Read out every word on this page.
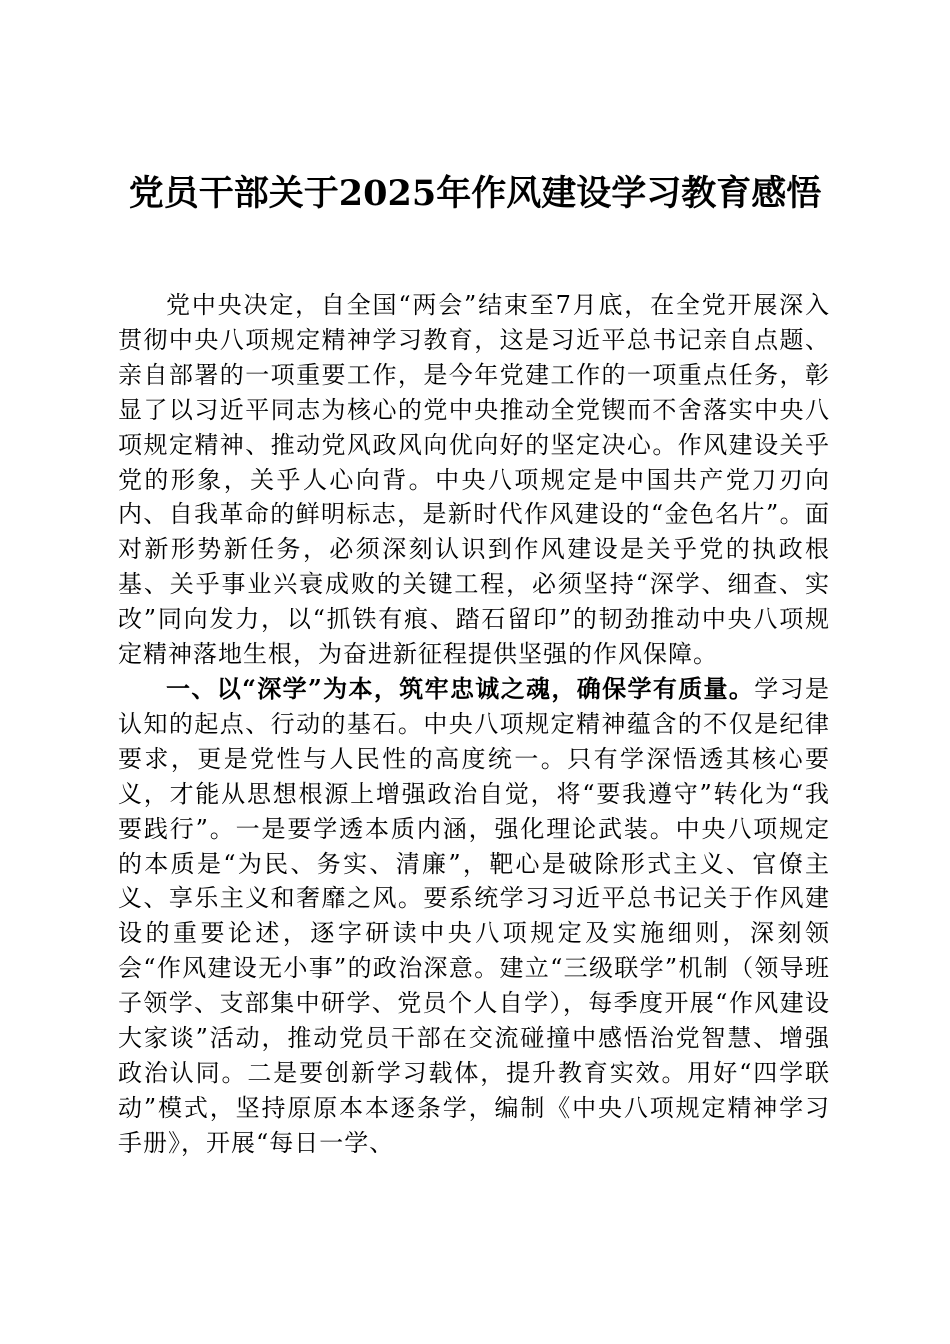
党员干部关于2025年作风建设学习教育感悟

党中央决定，自全国“两会”结束至7月底，在全党开展深入贯彻中央八项规定精神学习教育，这是习近平总书记亲自点题、亲自部署的一项重要工作，是今年党建工作的一项重点任务，彰显了以习近平同志为核心的党中央推动全党锲而不舍落实中央八项规定精神、推动党风政风向优向好的坚定决心。作风建设关乎党的形象，关乎人心向背。中央八项规定是中国共产党刀刃向内、自我革命的鲜明标志，是新时代作风建设的“金色名片”。面对新形势新任务，必须深刻认识到作风建设是关乎党的执政根基、关乎事业兴衰成败的关键工程，必须坚持“深学、细查、实改”同向发力，以“抓铁有痕、踏石留印”的韧劲推动中央八项规定精神落地生根，为奋进新征程提供坚强的作风保障。

一、以“深学”为本，筑牢忠诚之魂，确保学有质量。学习是认知的起点、行动的基石。中央八项规定精神蕴含的不仅是纪律要求，更是党性与人民性的高度统一。只有学深悟透其核心要义，才能从思想根源上增强政治自觉，将“要我遵守”转化为“我要践行”。一是要学透本质内涵，强化理论武装。中央八项规定的本质是“为民、务实、清廉”，靶心是破除形式主义、官僚主义、享乐主义和奢靡之风。要系统学习习近平总书记关于作风建设的重要论述，逐字研读中央八项规定及实施细则，深刻领会“作风建设无小事”的政治深意。建立“三级联学”机制（领导班子领学、支部集中研学、党员个人自学），每季度开展“作风建设大家谈”活动，推动党员干部在交流碰撞中感悟治党智慧、增强政治认同。二是要创新学习载体，提升教育实效。用好“四学联动”模式，坚持原原本本逐条学，编制《中央八项规定精神学习手册》，开展“每日一学、
